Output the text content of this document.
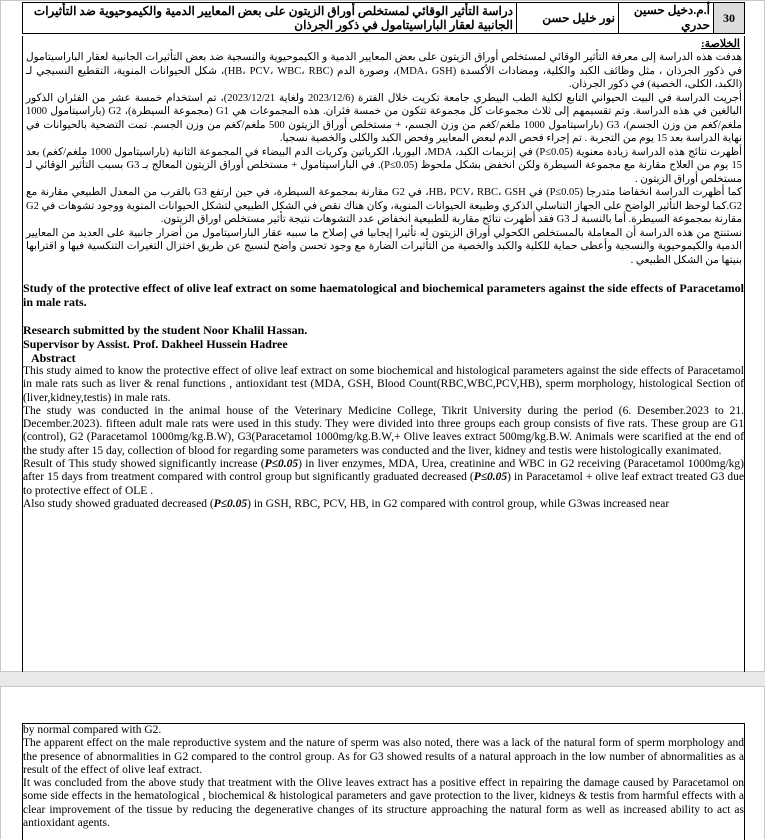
دراسة التأثير الوقائي لمستخلص أوراق الزيتون على بعض المعايير الدمية والكيموحيوية ضد التأثيرات الجانبية لعقار الباراسيتامول في ذكور الجرذان	نور خليل حسن	أ.م.دخيل حسين حدري	30
الخلاصة:

هدفت هذه الدراسة إلى معرفة التأثير الوقائي لمستخلص أوراق الزيتون على بعض المعايير الدمية و الكيموحيوية والنسجية ضد بعض التأثيرات الجانبية لعقار الباراسيتامول في ذكور الجرذان ، مثل وظائف الكبد والكلية، ومضادات الأكسدة (MDA، GSH)، وصورة الدم (HB، PCV، WBC، RBC)، شكل الحيوانات المنوية، التقطيع النسيجي لـ (الكبد، الكلى، الخصية) في ذكور الجرذان.

أجريت الدراسة في البيت الحيواني التابع لكلية الطب البيطري جامعة تكريت خلال الفترة (2023/12/6 ولغاية 2023/12/21)، تم استخدام خمسة عشر من الفئران الذكور البالغين في هذه الدراسة. وتم تقسيمهم إلى ثلاث مجموعات كل مجموعة تتكون من خمسة فئران. هذه المجموعات هي G1 (مجموعة السيطرة)، G2 (باراسيتامول 1000 ملغم/كغم من وزن الجسم)، G3 (باراسيتامول 1000 ملغم/كغم من وزن الجسم، + مستخلص أوراق الزيتون 500 ملغم/كغم من وزن الجسم. تمت التضحية بالحيوانات في نهاية الدراسة بعد 15 يوم من التجربة . تم إجراء فحص الدم لبعض المعايير وفحص الكبد والكلى والخصية نسجيا.

أظهرت نتائج هذه الدراسة زيادة معنوية (P≤0.05) في إنزيمات الكبد، MDA، اليوريا، الكرياتين وكريات الدم البيضاء في المجموعة الثانية (باراسيتامول 1000 ملغم/كغم) بعد 15 يوم من العلاج مقارنة مع مجموعة السيطرة ولكن انخفض بشكل ملحوظ (P≤0.05). في الباراسيتامول + مستخلص أوراق الزيتون المعالج بـ G3 بسبب التأثير الوقائي لـ مستخلص أوراق الزيتون .

كما أظهرت الدراسة انخفاضا متدرجا (P≤0.05) في HB، PCV، RBC، GSH، في G2 مقارنة بمجموعة السيطرة، في حين ارتفع G3 بالقرب من المعدل الطبيعي مقارنة مع G2.كما لوحظ التأثير الواضح على الجهاز التناسلي الذكري وطبيعة الحيوانات المنوية، وكان هناك نقص في الشكل الطبيعي لتشكل الحيوانات المنوية ووجود تشوهات في G2 مقارنة بمجموعة السيطرة. أما بالنسبة لـ G3 فقد أظهرت نتائج مقاربة للطبيعية انخفاض عدد التشوهات نتيجة تأثير مستخلص اوراق الزيتون.

نستنتج من هذه الدراسة أن المعاملة بالمستخلص الكحولي أوراق الزيتون له تأثيرا إيجابيا في إصلاح ما سببه عقار الباراسيتامول من أضرار جانبية على العديد من المعايير الدمية والكيموحيوية والنسجية وأعطى حماية للكلية والكبد والخصية من التأثيرات الضارة مع وجود تحسن واضح لنسيج عن طريق اختزال التغيرات التنكسية فيها و اقترابها بنيتها من الشكل الطبيعي .

Study of the protective effect of olive leaf extract on some haematological and biochemical parameters against the side effects of Paracetamol in male rats.

Research submitted by the student Noor Khalil Hassan.

Supervisor by Assist. Prof. Dakheel Hussein Hadree

Abstract

This study aimed to know the protective effect of olive leaf extract on some biochemical and histological parameters against the side effects of Paracetamol in male rats such as liver & renal functions , antioxidant test (MDA, GSH, Blood Count(RBC,WBC,PCV,HB), sperm morphology, histological Section of (liver,kidney,testis) in male rats.

The study was conducted in the animal house of the Veterinary Medicine College, Tikrit University during the period (6. Desember.2023 to 21. December.2023). fifteen adult male rats were used in this study. They were divided into three groups each group consists of five rats. These group are G1 (control), G2 (Paracetamol 1000mg/kg.B.W), G3(Paracetamol 1000mg/kg.B.W,+ Olive leaves extract 500mg/kg.B.W. Animals were scarified at the end of the study after 15 day, collection of blood for regarding some parameters was conducted and the liver, kidney and testis were histologically exanimated.

Result of This study showed significantly increase (P≤0.05) in liver enzymes, MDA, Urea, creatinine and WBC in G2 receiving (Paracetamol 1000mg/kg) after 15 days from treatment compared with control group but significantly graduated decreased (P≤0.05) in Paracetamol + olive leaf extract treated G3 due to protective effect of OLE .

Also study showed graduated decreased (P≤0.05) in GSH, RBC, PCV, HB, in G2 compared with control group, while G3was increased near

by normal compared with G2.

The apparent effect on the male reproductive system and the nature of sperm was also noted, there was a lack of the natural form of sperm morphology and the presence of abnormalities in G2 compared to the control group. As for G3 showed results of a natural approach in the low number of abnormalities as a result of the effect of olive leaf extract.

It was concluded from the above study that treatment with the Olive leaves extract has a positive effect in repairing the damage caused by Paracetamol on some side effects in the hematological , biochemical & histological parameters and gave protection to the liver, kidneys & testis from harmful effects with a clear improvement of the tissue by reducing the degenerative changes of its structure approaching the natural form as well as increased ability to act as antioxidant agents.
